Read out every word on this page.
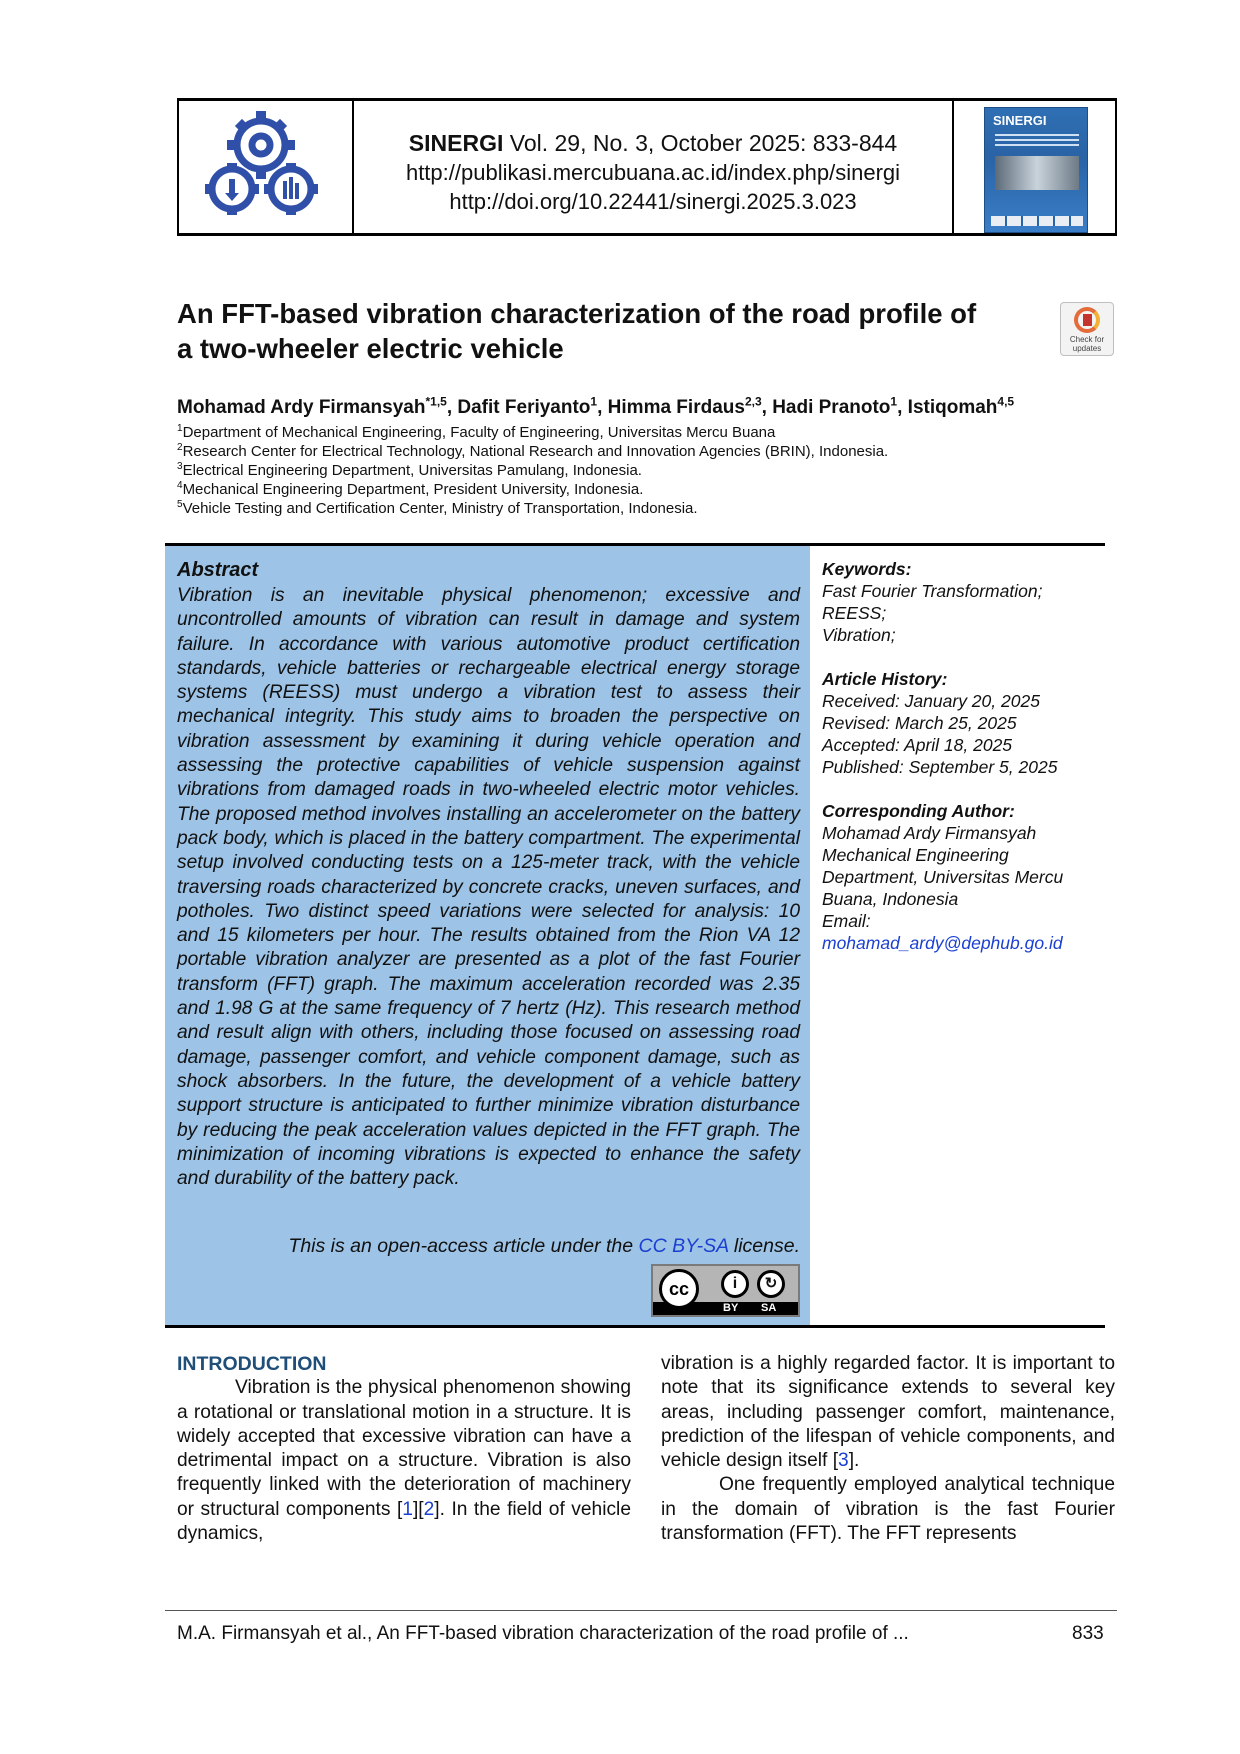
SINERGI Vol. 29, No. 3, October 2025: 833-844
http://publikasi.mercubuana.ac.id/index.php/sinergi
http://doi.org/10.22441/sinergi.2025.3.023
SINERGI
An FFT-based vibration characterization of the road profile of
a two-wheeler electric vehicle	Check for
updates
Mohamad Ardy Firmansyah$^{*1,5}$, Dafit Feriyanto$^1$, Himma Firdaus$^{2,3}$, Hadi Pranoto$^1$, Istiqomah$^{4,5}$
$^1$Department of Mechanical Engineering, Faculty of Engineering, Universitas Mercu Buana
$^2$Research Center for Electrical Technology, National Research and Innovation Agencies (BRIN), Indonesia.
$^3$Electrical Engineering Department, Universitas Pamulang, Indonesia.
$^4$Mechanical Engineering Department, President University, Indonesia.
$^5$Vehicle Testing and Certification Center, Ministry of Transportation, Indonesia.
Abstract
Vibration is an inevitable physical phenomenon; excessive and uncontrolled amounts of vibration can result in damage and system failure. In accordance with various automotive product certification standards, vehicle batteries or rechargeable electrical energy storage systems (REESS) must undergo a vibration test to assess their mechanical integrity. This study aims to broaden the perspective on vibration assessment by examining it during vehicle operation and assessing the protective capabilities of vehicle suspension against vibrations from damaged roads in two-wheeled electric motor vehicles. The proposed method involves installing an accelerometer on the battery pack body, which is placed in the battery compartment. The experimental setup involved conducting tests on a 125-meter track, with the vehicle traversing roads characterized by concrete cracks, uneven surfaces, and potholes. Two distinct speed variations were selected for analysis: 10 and 15 kilometers per hour. The results obtained from the Rion VA 12 portable vibration analyzer are presented as a plot of the fast Fourier transform (FFT) graph. The maximum acceleration recorded was 2.35 and 1.98 G at the same frequency of 7 hertz (Hz). This research method and result align with others, including those focused on assessing road damage, passenger comfort, and vehicle component damage, such as shock absorbers. In the future, the development of a vehicle battery support structure is anticipated to further minimize vibration disturbance by reducing the peak acceleration values depicted in the FFT graph. The minimization of incoming vibrations is expected to enhance the safety and durability of the battery pack.
This is an open-access article under the CC BY-SA license.
cc	i	↻
BY SA
Keywords:
Fast Fourier Transformation;
REESS;
Vibration;
Article History:
Received: January 20, 2025
Revised: March 25, 2025
Accepted: April 18, 2025
Published: September 5, 2025
Corresponding Author:
Mohamad Ardy Firmansyah
Mechanical Engineering
Department, Universitas Mercu
Buana, Indonesia
Email:
mohamad_ardy@dephub.go.id
INTRODUCTION

Vibration is the physical phenomenon showing a rotational or translational motion in a structure. It is widely accepted that excessive vibration can have a detrimental impact on a structure. Vibration is also frequently linked with the deterioration of machinery or structural components [1][2]. In the field of vehicle dynamics,

vibration is a highly regarded factor. It is important to note that its significance extends to several key areas, including passenger comfort, maintenance, prediction of the lifespan of vehicle components, and vehicle design itself [3].

One frequently employed analytical technique in the domain of vibration is the fast Fourier transformation (FFT). The FFT represents

M.A. Firmansyah et al., An FFT-based vibration characterization of the road profile of ...	833
